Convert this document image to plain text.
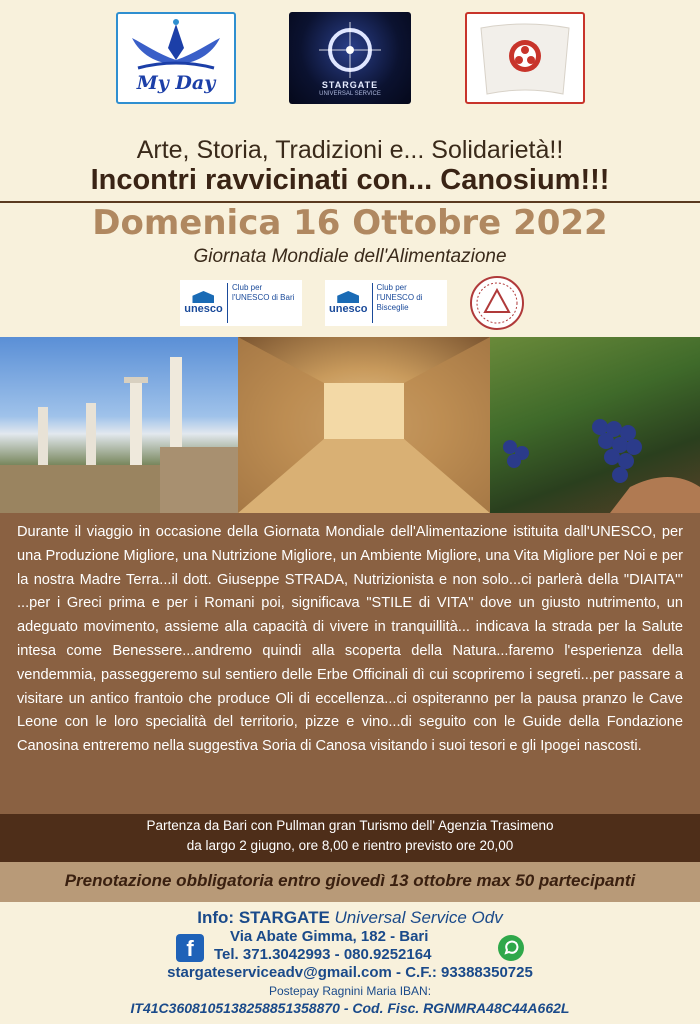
My Day	STARGATE
UNIVERSAL SERVICE
Arte, Storia, Tradizioni e... Solidarietà!!
Incontri ravvicinati con... Canosium!!!
Domenica 16 Ottobre 2022
Giornata Mondiale dell'Alimentazione
unesco
Club per l'UNESCO di Bari
unesco
Club per l'UNESCO di Bisceglie
Durante il viaggio in occasione della Giornata Mondiale dell'Alimentazione istituita dall'UNESCO, per una Produzione Migliore, una Nutrizione Migliore, un Ambiente Migliore, una Vita Migliore per Noi e per la nostra Madre Terra...il dott. Giuseppe STRADA, Nutrizionista e non solo...ci parlerà della "DIAITA'" ...per i Greci prima e per i Romani poi, significava "STILE di VITA" dove un giusto nutrimento, un adeguato movimento, assieme alla capacità di vivere in tranquillità... indicava la strada per la Salute intesa come Benessere...andremo quindi alla scoperta della Natura...faremo l'esperienza della vendemmia, passeggeremo sul sentiero delle Erbe Officinali dì cui scopriremo i segreti...per passare a visitare un antico frantoio che produce Oli di eccellenza...ci ospiteranno per la pausa pranzo le Cave Leone con le loro specialità del territorio, pizze e vino...di seguito con le Guide della Fondazione Canosina entreremo nella suggestiva Soria di Canosa visitando i suoi tesori e gli Ipogei nascosti.
Partenza da Bari con Pullman gran Turismo dell' Agenzia Trasimeno
da largo 2 giugno, ore 8,00 e rientro previsto ore 20,00
Prenotazione obbligatoria entro giovedì 13 ottobre max 50 partecipanti
Info: STARGATE Universal Service Odv
f	Via Abate Gimma, 182 - Bari
Tel. 371.3042993 - 080.9252164
stargateserviceadv@gmail.com - C.F.: 93388350725
Postepay Ragnini Maria IBAN:
IT41C3608105138258851358870 - Cod. Fisc. RGNMRA48C44A662L
